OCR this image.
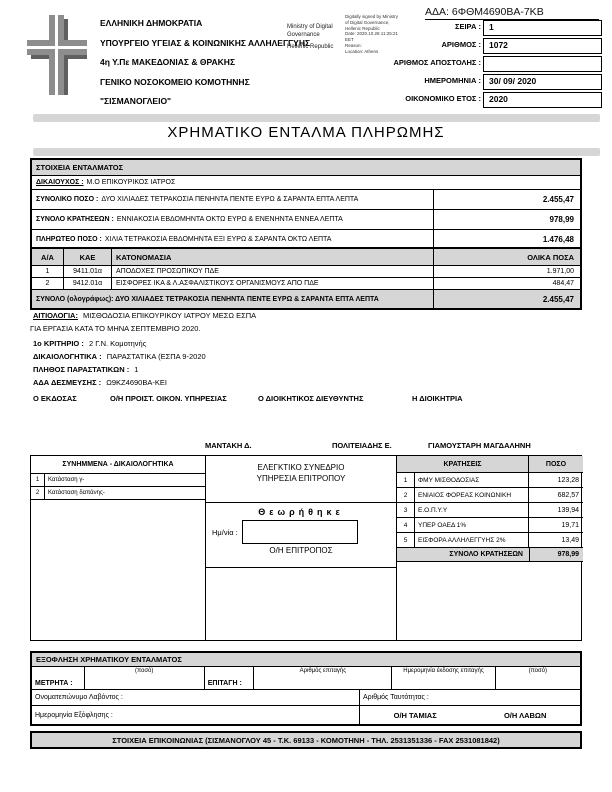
ΑΔΑ: 6ΦΘΜ4690ΒΑ-7ΚΒ
ΕΛΛΗΝΙΚΗ ΔΗΜΟΚΡΑΤΙΑ
ΥΠΟΥΡΓΕΙΟ ΥΓΕΙΑΣ & ΚΟΙΝΩΝΙΚΗΣ ΑΛΛΗΛΕΓΓΥΗΣ
4η Υ.Πε ΜΑΚΕΔΟΝΙΑΣ & ΘΡΑΚΗΣ
ΓΕΝΙΚΟ ΝΟΣΟΚΟΜΕΙΟ ΚΟΜΟΤΗΝΗΣ
"ΣΙΣΜΑΝΟΓΛΕΙΟ"
Ministry of Digital
Governance
Hellenic Republic
Digitally signed by Ministry
of Digital Governance,
Hellenic Republic
Date: 2020.10.28 11:25:21
EET
Reason:
Location: Athens
ΣΕΙΡΑ : 1
ΑΡΙΘΜΟΣ : 1072
ΑΡΙΘΜΟΣ ΑΠΟΣΤΟΛΗΣ :
ΗΜΕΡΟΜΗΝΙΑ : 30/ 09/ 2020
ΟΙΚΟΝΟΜΙΚΟ ΕΤΟΣ : 2020
ΧΡΗΜΑΤΙΚΟ ΕΝΤΑΛΜΑ ΠΛΗΡΩΜΗΣ
ΣΤΟΙΧΕΙΑ ΕΝΤΑΛΜΑΤΟΣ
ΔΙΚΑΙΟΥΧΟΣ : Μ.Ο ΕΠΙΚΟΥΡΙΚΟΣ ΙΑΤΡΟΣ
ΣΥΝΟΛΙΚΟ ΠΟΣΟ : ΔΥΟ ΧΙΛΙΑΔΕΣ ΤΕΤΡΑΚΟΣΙΑ ΠΕΝΗΝΤΑ ΠΕΝΤΕ ΕΥΡΩ & ΣΑΡΑΝΤΑ ΕΠΤΑ ΛΕΠΤΑ	2.455,47
ΣΥΝΟΛΟ ΚΡΑΤΗΣΕΩΝ : ΕΝΝΙΑΚΟΣΙΑ ΕΒΔΟΜΗΝΤΑ ΟΚΤΩ ΕΥΡΩ & ΕΝΕΝΗΝΤΑ ΕΝΝΕΑ ΛΕΠΤΑ	978,99
ΠΛΗΡΩΤΕΟ ΠΟΣΟ : ΧΙΛΙΑ ΤΕΤΡΑΚΟΣΙΑ ΕΒΔΟΜΗΝΤΑ ΕΞΙ ΕΥΡΩ & ΣΑΡΑΝΤΑ ΟΚΤΩ ΛΕΠΤΑ	1.476,48
Α/Α	ΚΑΕ	ΚΑΤΟΝΟΜΑΣΙΑ	ΟΛΙΚΑ ΠΟΣΑ
1	9411.01α	ΑΠΟΔΟΧΕΣ ΠΡΟΣΩΠΙΚΟΥ ΠΔΕ	1.971,00
2	9412.01α	ΕΙΣΦΟΡΕΣ ΙΚΑ & Λ.ΑΣΦΑΛΙΣΤΙΚΟΥΣ ΟΡΓΑΝΙΣΜΟΥΣ ΑΠΟ ΠΔΕ	484,47
ΣΥΝΟΛΟ (ολογράφως): ΔΥΟ ΧΙΛΙΑΔΕΣ ΤΕΤΡΑΚΟΣΙΑ ΠΕΝΗΝΤΑ ΠΕΝΤΕ ΕΥΡΩ & ΣΑΡΑΝΤΑ ΕΠΤΑ ΛΕΠΤΑ	2.455,47
ΑΙΤΙΟΛΟΓΙΑ: ΜΙΣΘΟΔΟΣΙΑ ΕΠΙΚΟΥΡΙΚΟΥ ΙΑΤΡΟΥ ΜΕΣΩ ΕΣΠΑ
ΓΙΑ ΕΡΓΑΣΙΑ ΚΑΤΑ ΤΟ ΜΗΝΑ ΣΕΠΤΕΜΒΡΙΟ 2020.
1ο ΚΡΙΤΗΡΙΟ : 2 Γ.Ν. Κομοτηνής
ΔΙΚΑΙΟΛΟΓΗΤΙΚΑ : ΠΑΡΑΣΤΑΤΙΚΑ (ΕΣΠΑ 9-2020
ΠΛΗΘΟΣ ΠΑΡΑΣΤΑΤΙΚΩΝ : 1
ΑΔΑ ΔΕΣΜΕΥΣΗΣ : Ω9ΚΖ4690ΒΑ-ΚΕΙ
Ο ΕΚΔΟΣΑΣ	Ο/Η ΠΡΟΙΣΤ. ΟΙΚΟΝ. ΥΠΗΡΕΣΙΑΣ	Ο ΔΙΟΙΚΗΤΙΚΟΣ ΔΙΕΥΘΥΝΤΗΣ	Η ΔΙΟΙΚΗΤΡΙΑ
ΜΑΝΤΑΚΗ Δ.	ΠΟΛΙΤΕΙΑΔΗΣ Ε.	ΓΙΑΜΟΥΣΤΑΡΗ ΜΑΓΔΑΛΗΝΗ
ΣΥΝΗΜΜΕΝΑ - ΔΙΚΑΙΟΛΟΓΗΤΙΚΑ
1	Κατάσταση γ-
2	Κατάσταση δαπάνης-
ΕΛΕΓΚΤΙΚΟ ΣΥΝΕΔΡΙΟ
ΥΠΗΡΕΣΙΑ ΕΠΙΤΡΟΠΟΥ
Θεωρήθηκε
Ημ/νία :
Ο/Η ΕΠΙΤΡΟΠΟΣ
ΚΡΑΤΗΣΕΙΣ	ΠΟΣΟ
1	ΦΜΥ ΜΙΣΘΟΔΟΣΙΑΣ	123,28
2	ΕΝΙΑΙΟΣ ΦΟΡΕΑΣ ΚΟΙΝΩΝΙΚΗ	682,57
3	Ε.Ο.Π.Υ.Υ	139,94
4	ΥΠΕΡ ΟΑΕΔ 1%	19,71
5	ΕΙΣΦΟΡΑ ΑΛΛΗΛΕΓΓΥΗΣ 2%	13,49
ΣΥΝΟΛΟ ΚΡΑΤΗΣΕΩΝ	978,99
ΕΞΟΦΛΗΣΗ ΧΡΗΜΑΤΙΚΟΥ ΕΝΤΑΛΜΑΤΟΣ
ΜΕΤΡΗΤΑ :
(ποσό)
ΕΠΙΤΑΓΗ :
Αριθμός επιταγής	Ημερομηνία έκδοσης επιταγής	(ποσό)
Ονοματεπώνυμο Λαβόντος :	Αριθμός Ταυτότητας :
Ημερομηνία Εξόφλησης :	Ο/Η ΤΑΜΙΑΣ	Ο/Η ΛΑΒΩΝ
ΣΤΟΙΧΕΙΑ ΕΠΙΚΟΙΝΩΝΙΑΣ (ΣΙΣΜΑΝΟΓΛΟΥ 45 - Τ.Κ. 69133 - ΚΟΜΟΤΗΝΗ - ΤΗΛ. 2531351336 - FAX 2531081842)
